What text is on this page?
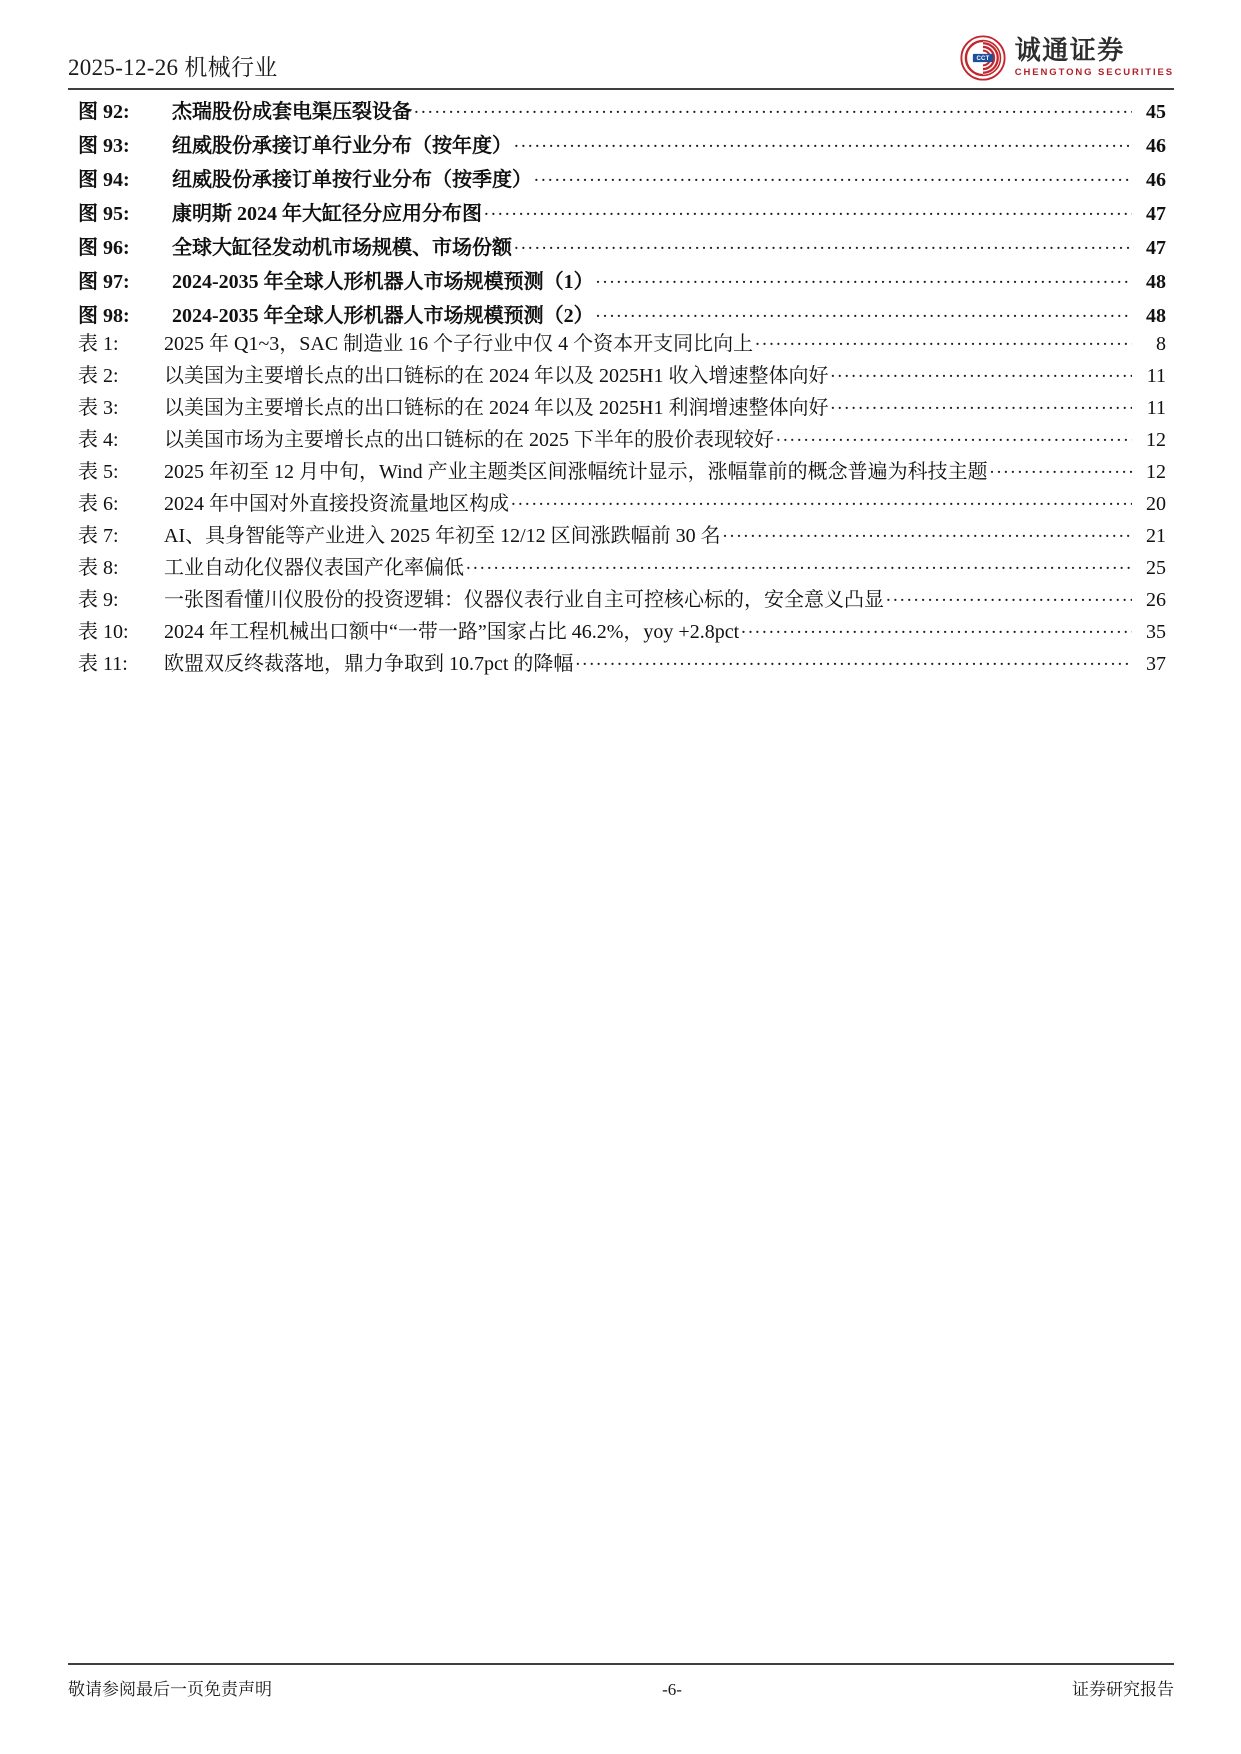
2025-12-26 机械行业	CCT 诚通证券
CHENGTONG SECURITIES
图 92:	杰瑞股份成套电渠压裂设备 .....	45
图 93:	纽威股份承接订单行业分布（按年度） .....	46
图 94:	纽威股份承接订单按行业分布（按季度） .....	46
图 95:	康明斯 2024 年大缸径分应用分布图 .....	47
图 96:	全球大缸径发动机市场规模、市场份额 .....	47
图 97:	2024-2035 年全球人形机器人市场规模预测（1） .....	48
图 98:	2024-2035 年全球人形机器人市场规模预测（2） .....	48
表 1:	2025 年 Q1~3，SAC 制造业 16 个子行业中仅 4 个资本开支同比向上 .....	8
表 2:	以美国为主要增长点的出口链标的在 2024 年以及 2025H1 收入增速整体向好 .....	11
表 3:	以美国为主要增长点的出口链标的在 2024 年以及 2025H1 利润增速整体向好 .....	11
表 4:	以美国市场为主要增长点的出口链标的在 2025 下半年的股价表现较好 .....	12
表 5:	2025 年初至 12 月中旬，Wind 产业主题类区间涨幅统计显示，涨幅靠前的概念普遍为科技主题 .....	12
表 6:	2024 年中国对外直接投资流量地区构成 .....	20
表 7:	AI、具身智能等产业进入 2025 年初至 12/12 区间涨跌幅前 30 名 .....	21
表 8:	工业自动化仪器仪表国产化率偏低 .....	25
表 9:	一张图看懂川仪股份的投资逻辑：仪器仪表行业自主可控核心标的，安全意义凸显 .....	26
表 10:	2024 年工程机械出口额中“一带一路”国家占比 46.2%，yoy +2.8pct .....	35
表 11:	欧盟双反终裁落地，鼎力争取到 10.7pct 的降幅 .....	37
敬请参阅最后一页免责声明	-6-	证券研究报告
